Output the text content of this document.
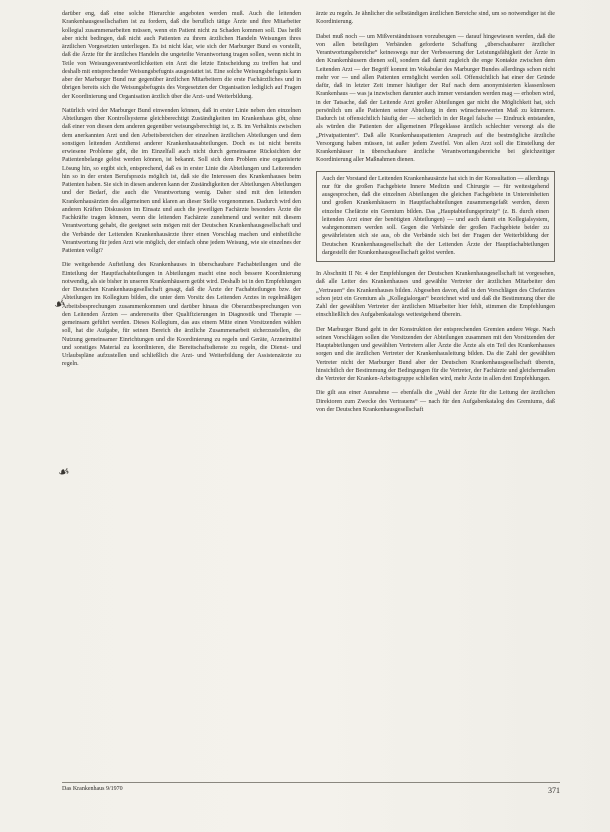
darüber eng, daß eine solche Hierarchie angeboten werden muß. Auch die leitenden Krankenhausgesellschaften ist zu fordern, daß die beruflich tätige Ärzte und ihre Mitarbeiter kollegial zusammenarbeiten müssen, wenn ein Patient nicht zu Schaden kommen soll. Das heißt aber nicht bedingen, daß nicht auch Patienten zu ihrem ärztlichen Handeln Weisungen ihres ärztlichen Vorgesetzten unterliegen. Es ist nicht klar, wie sich der Marburger Bund es vorstellt, daß die Ärzte für ihr ärztliches Handeln die ungeteilte Verantwortung tragen sollen, wenn nicht in Teile von Weisungsverantwortlichkeiten ein Arzt die letzte Entscheidung zu treffen hat und deshalb mit entsprechender Weisungsbefugnis ausgestattet ist. Eine solche Weisungsbefugnis kann aber der Marburger Bund nur gegenüber ärztlichen Mitarbeitern die erste Fachärztliches und in übrigen bereits sich die Weisungsbefugnis des Vorgesetzten der Organisation lediglich auf Fragen der Koordinierung und Organisation ärztlich über die Arzt- und Weiterbildung.

Natürlich wird der Marburger Bund einwenden können, daß in erster Linie neben den einzelnen Abteilungen über Kontrollsysteme gleichberechtigt Zuständigkeiten im Krankenhaus gibt, ohne daß einer von diesen dem anderen gegenüber weisungsberechtigt ist, z. B. im Verhältnis zwischen dem anerkannten Arzt und den Arbeitsbereichen der einzelnen ärztlichen Abteilungen und dem sonstigen leitenden Arztdienst anderer Krankenhausabteilungen. Doch es ist nicht bereits erwiesene Probleme gibt, die im Einzelfall auch nicht durch gemeinsame Rücksichten der Patientenbelange gelöst werden können, ist bekannt. Soll sich dem Problem eine organisierte Lösung hin, so ergibt sich, entsprechend, daß es in erster Linie die Abteilungen und Leiterenden hin so in der ersten Berufspraxis möglich ist, daß sie die Interessen des Krankenhauses beim Patienten haben. Sie sich in diesen anderen kann der Zuständigkeiten der Abteilungen Abteilungen und der Bedarf, die auch die Verantwortung wenig. Daher sind mit den leitenden Krankenhausärzten des allgemeinen und klaren an dieser Stelle vorgenommen. Dadurch wird den anderen Kräften Diskussion im Einsatz und auch die jeweiligen Fachärzte besonders Ärzte die Fachkräfte tragen können, wenn die leitenden Fachärzte zunehmend und weiter mit diesem Verantwortung gehabt, die geeignet sein mögen mit der Deutschen Krankenhausgesellschaft und die Verbände der Leitenden Krankenhausärzte ihrer einen Vorschlag machen und einheitliche Verantwortung für jeden Arzt wie möglich, der einfach ohne jedem Weisung, wie sie einzelnes der Patienten vollgt?

Die weitgehende Aufteilung des Krankenhauses in überschaubare Fachabteilungen und die Einteilung der Hauptfachabteilungen in Abteilungen macht eine noch bessere Koordinierung notwendig, als sie bisher in unseren Krankenhäusern geübt wird. Deshalb ist in den Empfehlungen der Deutschen Krankenhausgesellschaft gesagt, daß die Ärzte der Fachabteilungen bzw. der Abteilungen im Kollegium bilden, die unter dem Vorsitz des Leitenden Arztes in regelmäßigen Arbeitsbesprechungen zusammenkommen und darüber hinaus die Oberarztbesprechungen von den Leitenden Ärzten — andererseits über Qualifizierungen in Diagnostik und Therapie — gemeinsam geführt werden. Dieses Kollegium, das aus einem Mitte einen Vorsitzenden wählen soll, hat die Aufgabe, für seinen Bereich die ärztliche Zusammenarbeit sicherzustellen, die Nutzung gemeinsamer Einrichtungen und die Koordinierung zu regeln und Geräte, Arzneimittel und sonstiges Material zu koordinieren, die Bereitschaftsdienste zu regeln, die Dienst- und Urlaubspläne aufzustellen und schließlich die Arzt- und Weiterbildung der Assistenzärzte zu regeln.

☙
☙

ärzte zu regeln. Je ähnlicher die selbständigen ärztlichen Bereiche sind, um so notwendiger ist die Koordinierung.

Dabei muß noch — um Mißverständnissen vorzubeugen — darauf hingewiesen werden, daß die von allen beteiligten Verbänden geforderte Schaffung „überschaubarer ärztlicher Verantwortungsbereiche“ keineswegs nur der Verbesserung der Leistungsfähigkeit der Ärzte in den Krankenhäusern dienen soll, sondern daß damit zugleich die enge Kontakte zwischen dem Leitenden Arzt — der Begriff kommt im Vokabular des Marburger Bundes allerdings schon nicht mehr vor — und allen Patienten ermöglicht werden soll. Offensichtlich hat einer der Gründe dafür, daß in letzter Zeit immer häufiger der Ruf nach dem anonymisierten klassenlosen Krankenhaus — was ja inzwischen darunter auch immer verstanden werden mag — erhoben wird, in der Tatsache, daß der Leitende Arzt großer Abteilungen gar nicht die Möglichkeit hat, sich persönlich um alle Patienten seiner Abteilung in dem wünschenswerten Maß zu kümmern. Dadurch ist offensichtlich häufig der — sicherlich in der Regel falsche — Eindruck entstanden, als würden die Patienten der allgemeinen Pflegeklasse ärztlich schlechter versorgt als die „Privatpatienten“. Daß alle Krankenhauspatienten Anspruch auf die bestmögliche ärztliche Versorgung haben müssen, ist außer jedem Zweifel. Von allen Arzt soll die Einstellung der Krankenhäuser in überschaubare ärztliche Verantwortungsbereiche bei gleichzeitiger Koordinierung aller Maßnahmen dienen.

Auch der Vorstand der Leitenden Krankenhausärzte hat sich in der Konsultation — allerdings nur für die großen Fachgebiete Innere Medizin und Chirurgie — für weitestgehend ausgesprochen, daß die einzelnen Abteilungen die gleichen Fachgebiete in Untereinheiten und großen Krankenhäusern in Hauptfachabteilungen zusammengefaßt werden, deren einzelne Chefärzte ein Gremium bilden. Das „Hauptabteilungsprinzip“ (z. B. durch einen leitenden Arzt einer der benötigten Abteilungen) — und auch damit ein Kollegialsystem, wahrgenommen werden soll. Gegen die Verbände der großen Fachgebiete beider zu gewährleisten sich sie aus, ob die Verbände sich bei der Fragen der Weiterbildung der Deutschen Krankenhausgesellschaft die der Leitenden Ärzte der Hauptfachabteilungen dargestellt der Krankenhausgesellschaft gelöst werden.

In Abschnitt II Nr. 4 der Empfehlungen der Deutschen Krankenhausgesellschaft ist vorgesehen, daß alle Leiter des Krankenhauses und gewählte Vertreter der ärztlichen Mitarbeiter den „Vertrauen“ des Krankenhauses bilden. Abgesehen davon, daß in den Vorschlägen des Chefarztes schon jetzt ein Gremium als „Kollegialorgan“ bezeichnet wird und daß die Bestimmung über die Zahl der gewählten Vertreter der ärztlichen Mitarbeiter hier fehlt, stimmen die Empfehlungen einschließlich des Aufgabenkatalogs weitestgehend überein.

Der Marburger Bund geht in der Konstruktion der entsprechenden Gremien andere Wege. Nach seinen Vorschlägen sollen die Vorsitzenden der Abteilungen zusammen mit den Vorsitzenden der Hauptabteilungen und gewählten Vertretern aller Ärzte die Ärzte als ein Teil des Krankenhauses sorgen und die ärztlichen Vertreter der Krankenhausleitung bilden. Da die Zahl der gewählten Vertreter nicht der Marburger Bund aber der Deutschen Krankenhausgesellschaft überein, hinsichtlich der Bestimmung der Bedingungen für die Vertreter, der Fachärzte und gleichermaßen die Vertreter der Kranken-Arbeitsgruppe schließen wird, mehr Ärzte in allen drei Empfehlungen.

Die gilt aus einer Ausnahme — ebenfalls die „Wahl der Ärzte für die Leitung der ärztlichen Direktoren zum Zwecke des Vertrauens“ — nach für den Aufgabenkatalog des Gremiums, daß von der Deutschen Krankenhausgesellschaft

Das Krankenhaus 9/1970	371
